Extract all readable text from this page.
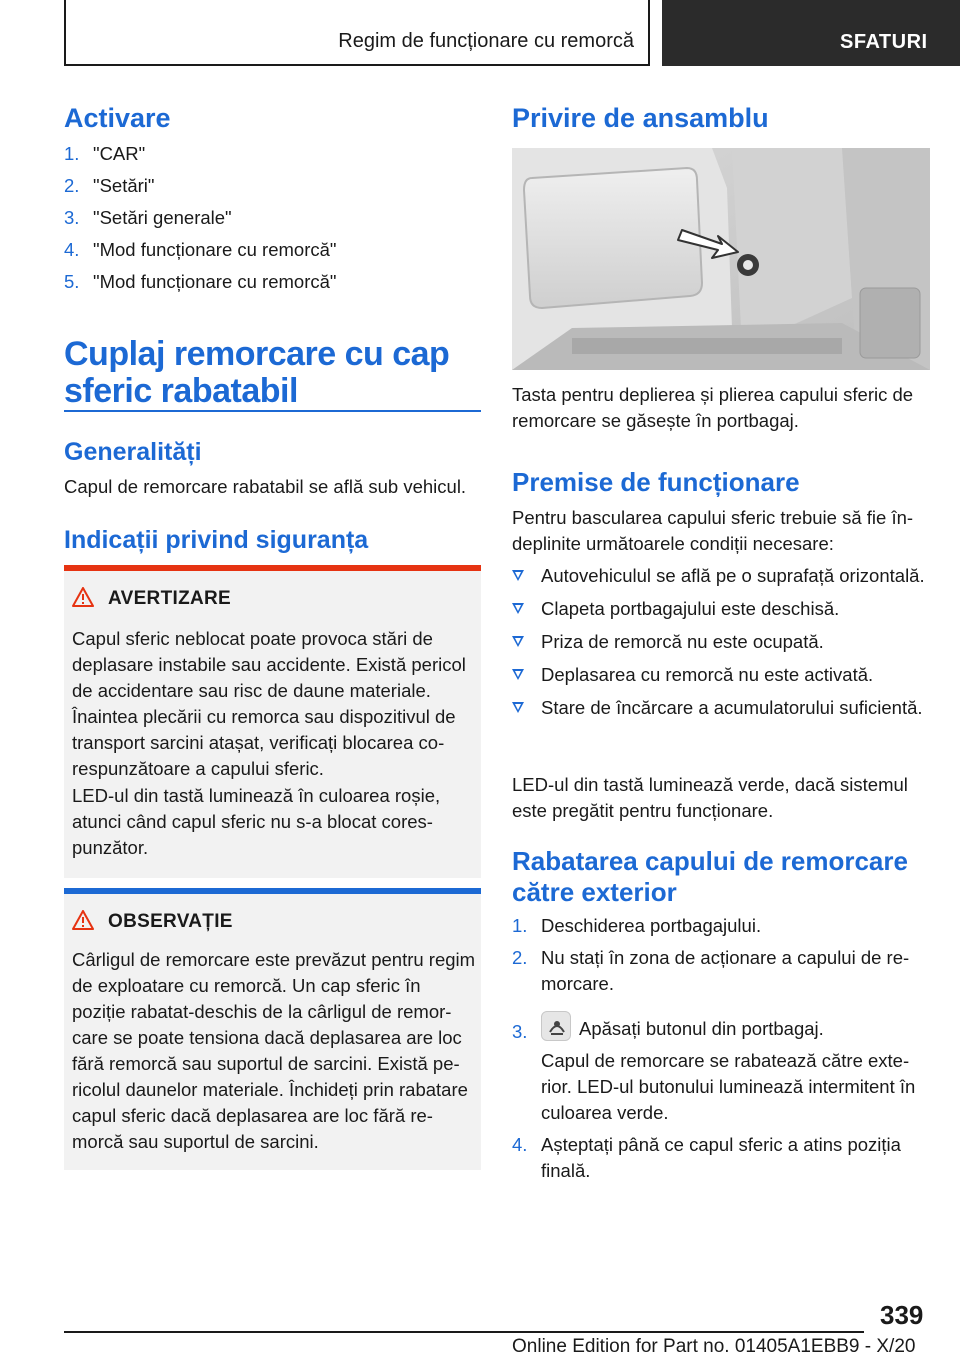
Regim de funcționare cu remorcă	SFATURI
Activare
1. "CAR"
2. "Setări"
3. "Setări generale"
4. "Mod funcționare cu remorcă"
5. "Mod funcționare cu remorcă"
Cuplaj remorcare cu cap
sferic rabatabil
Generalități

Capul de remorcare rabatabil se află sub vehicul.

Indicații privind siguranța
AVERTIZARE

Capul sferic neblocat poate provoca stări de deplasare instabile sau accidente. Există pericol de accidentare sau risc de daune materiale. Înaintea plecării cu remorca sau dispozitivul de transport sarcini atașat, verificați blocarea corespunzătoare a capului sferic.

LED-ul din tastă luminează în culoarea roșie, atunci când capul sferic nu s-a blocat corespunzător.

OBSERVAȚIE

Cârligul de remorcare este prevăzut pentru regim de exploatare cu remorcă. Un cap sferic în poziție rabatat-deschis de la cârligul de remorcare se poate tensiona dacă deplasarea are loc fără remorcă sau suportul de sarcini. Există pericolul daunelor materiale. Închideți prin rabatare capul sferic dacă deplasarea are loc fără remorcă sau suportul de sarcini.

Privire de ansamblu

Tasta pentru deplierea și plierea capului sferic de remorcare se găsește în portbagaj.

Premise de funcționare

Pentru bascularea capului sferic trebuie să fie îndeplinite următoarele condiții necesare:

Autovehiculul se află pe o suprafață orizontală.
Clapeta portbagajului este deschisă.
Priza de remorcă nu este ocupată.
Deplasarea cu remorcă nu este activată.
Stare de încărcare a acumulatorului suficientă.

LED-ul din tastă luminează verde, dacă sistemul este pregătit pentru funcționare.

Rabatarea capului de remorcare
către exterior
1. Deschiderea portbagajului.
2. Nu stați în zona de acționare a capului de remorcare.
3.	Apăsați butonul din portbagaj.
Capul de remorcare se rabatează către exterior. LED-ul butonului luminează intermitent în culoarea verde.
4. Așteptați până ce capul sferic a atins poziția finală.
339
Online Edition for Part no. 01405A1EBB9 - X/20
